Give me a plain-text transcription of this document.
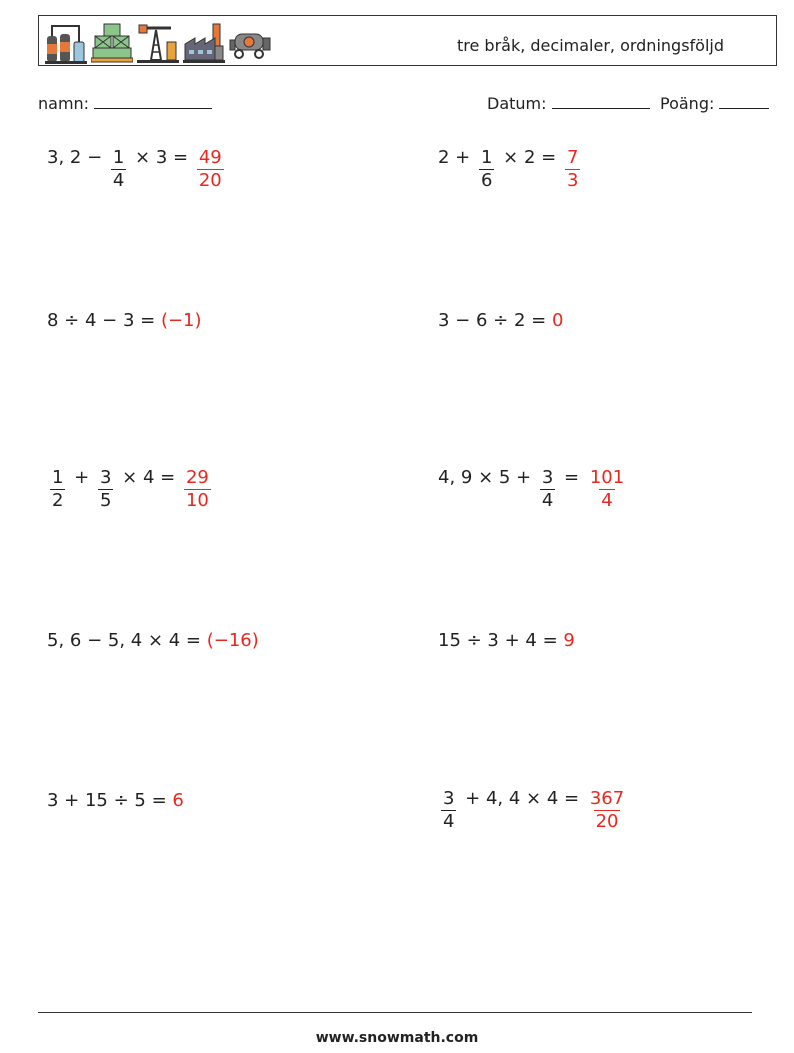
tre bråk, decimaler, ordningsföljd
namn:	Datum:	Poäng:
3, $2 - \frac{1}{4} \times 3 = \frac{49}{20}$	$2 + \frac{1}{6} \times 2 = \frac{7}{3}$
8 ÷ 4 − 3 = (−1)	3 − 6 ÷ 2 = 0
$\frac{1}{2} + \frac{3}{5} \times 4 = \frac{29}{10}$	4, $9 \times 5 + \frac{3}{4} = \frac{101}{4}$
5, 6 − 5, 4 × 4 = (−16)	15 ÷ 3 + 4 = 9
3 + 15 ÷ 5 = 6	$\frac{3}{4} + 4$, $4 \times 4 = \frac{367}{20}$
www.snowmath.com
